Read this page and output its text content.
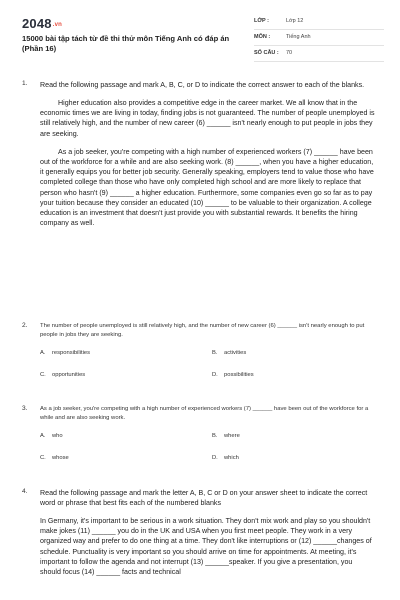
2048.vn
15000 bài tập tách từ đề thi thử môn Tiếng Anh có đáp án (Phần 16)
LỚP :	Lớp 12
MÔN :	Tiếng Anh
SỐ CÂU : 70
1. Read the following passage and mark A, B, C, or D to indicate the correct answer to each of the blanks.

Higher education also provides a competitive edge in the career market. We all know that in the economic times we are living in today, finding jobs is not guaranteed. The number of people unemployed is still relatively high, and the number of new career (6) ______ isn't nearly enough to put people in jobs they are seeking.

As a job seeker, you're competing with a high number of experienced workers (7) ______ have been out of the workforce for a while and are also seeking work. (8) ______, when you have a higher education, it generally equips you for better job security. Generally speaking, employers tend to value those who have completed college than those who have only completed high school and are more likely to replace that person who hasn't (9) ______ a higher education. Furthermore, some companies even go so far as to pay your tuition because they consider an educated (10) ______ to be valuable to their organization. A college education is an investment that doesn't just provide you with substantial rewards. It benefits the hiring company as well.

2. The number of people unemployed is still relatively high, and the number of new career (6) ______ isn't nearly enough to put people in jobs they are seeking.

A. responsibilities	B. activities
C. opportunities	D. possibilities
3. As a job seeker, you're competing with a high number of experienced workers (7) ______ have been out of the workforce for a while and are also seeking work.

A. who	B. where
C. whose	D. which
4. Read the following passage and mark the letter A, B, C or D on your answer sheet to indicate the correct word or phrase that best fits each of the numbered blanks

In Germany, it's important to be serious in a work situation. They don't mix work and play so you shouldn't make jokes (11) ______ you do in the UK and USA when you first meet people. They work in a very organized way and prefer to do one thing at a time. They don't like interruptions or (12) ______changes of schedule. Punctuality is very important so you should arrive on time for appointments. At meeting, it's important to follow the agenda and not interrupt (13) ______speaker. If you give a presentation, you should focus (14) ______ facts and technical
